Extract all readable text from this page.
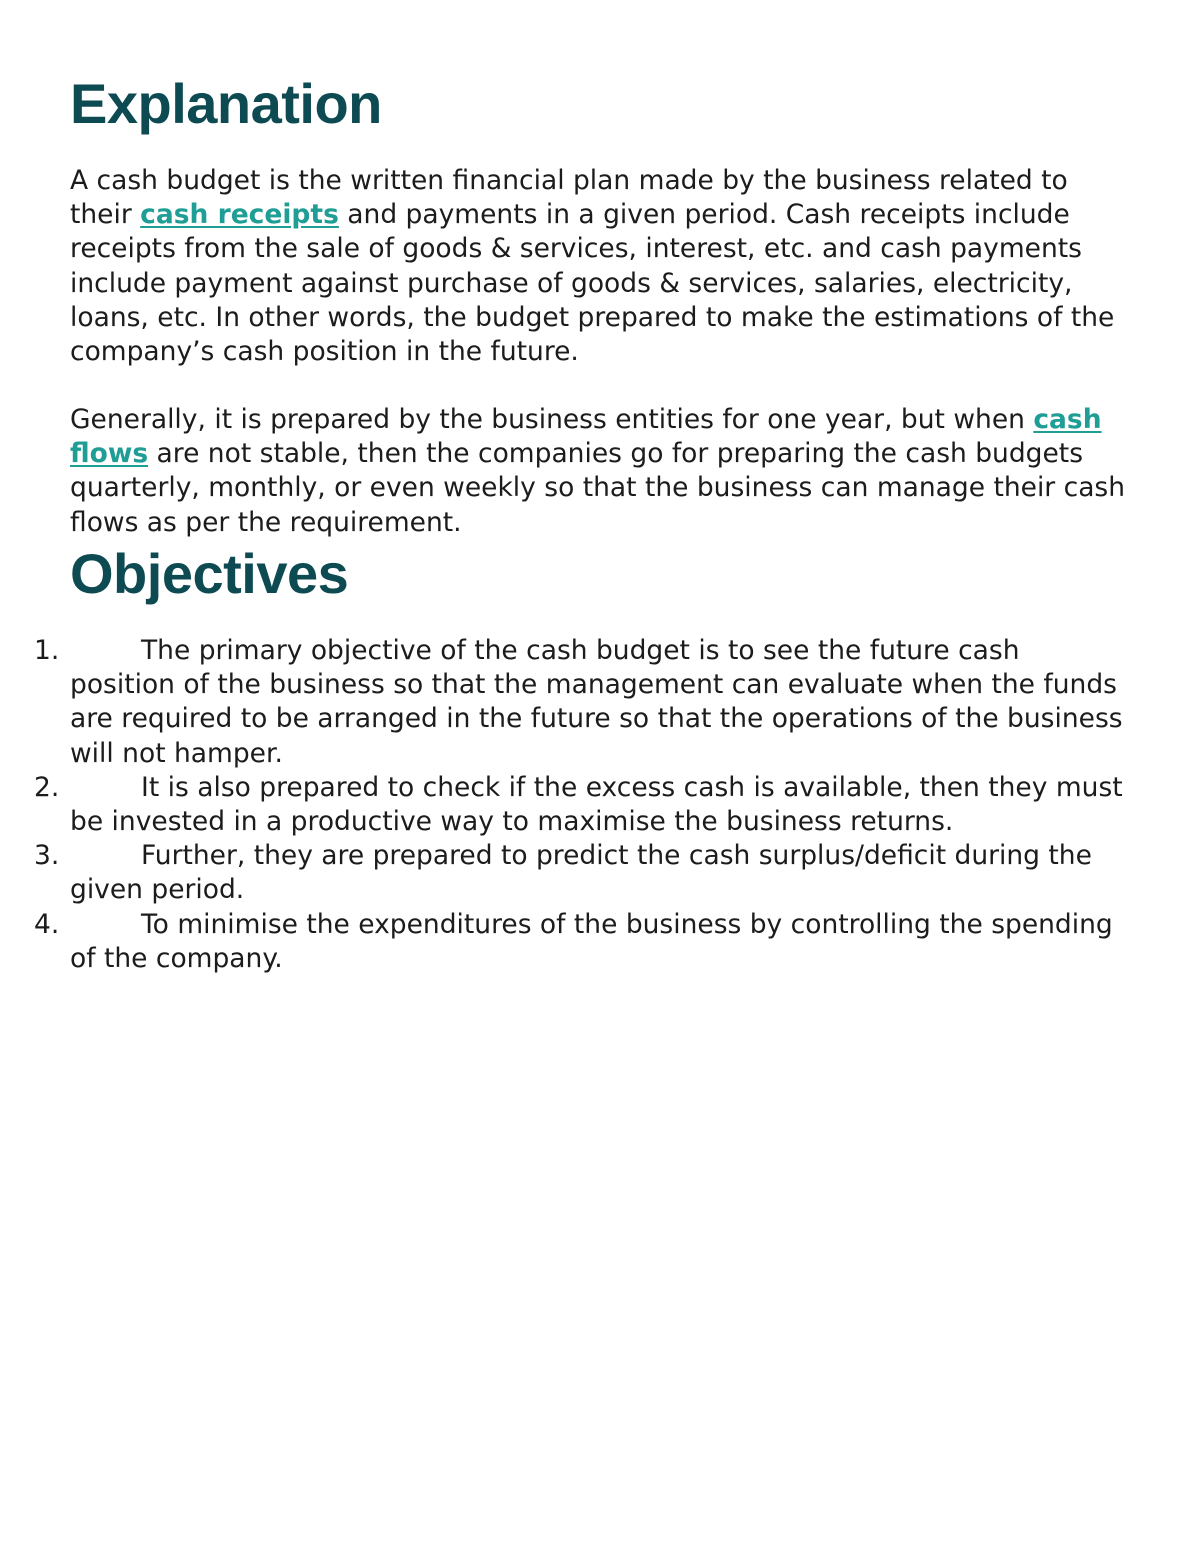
Explanation

A cash budget is the written financial plan made by the business related to their cash receipts and payments in a given period. Cash receipts include receipts from the sale of goods & services, interest, etc. and cash payments include payment against purchase of goods & services, salaries, electricity, loans, etc. In other words, the budget prepared to make the estimations of the company’s cash position in the future.

Generally, it is prepared by the business entities for one year, but when cash flows are not stable, then the companies go for preparing the cash budgets quarterly, monthly, or even weekly so that the business can manage their cash flows as per the requirement.

Objectives
1.	The primary objective of the cash budget is to see the future cash position of the business so that the management can evaluate when the funds are required to be arranged in the future so that the operations of the business will not hamper.
2.	It is also prepared to check if the excess cash is available, then they must be invested in a productive way to maximise the business returns.
3.	Further, they are prepared to predict the cash surplus/deficit during the given period.
4.	To minimise the expenditures of the business by controlling the spending of the company.
